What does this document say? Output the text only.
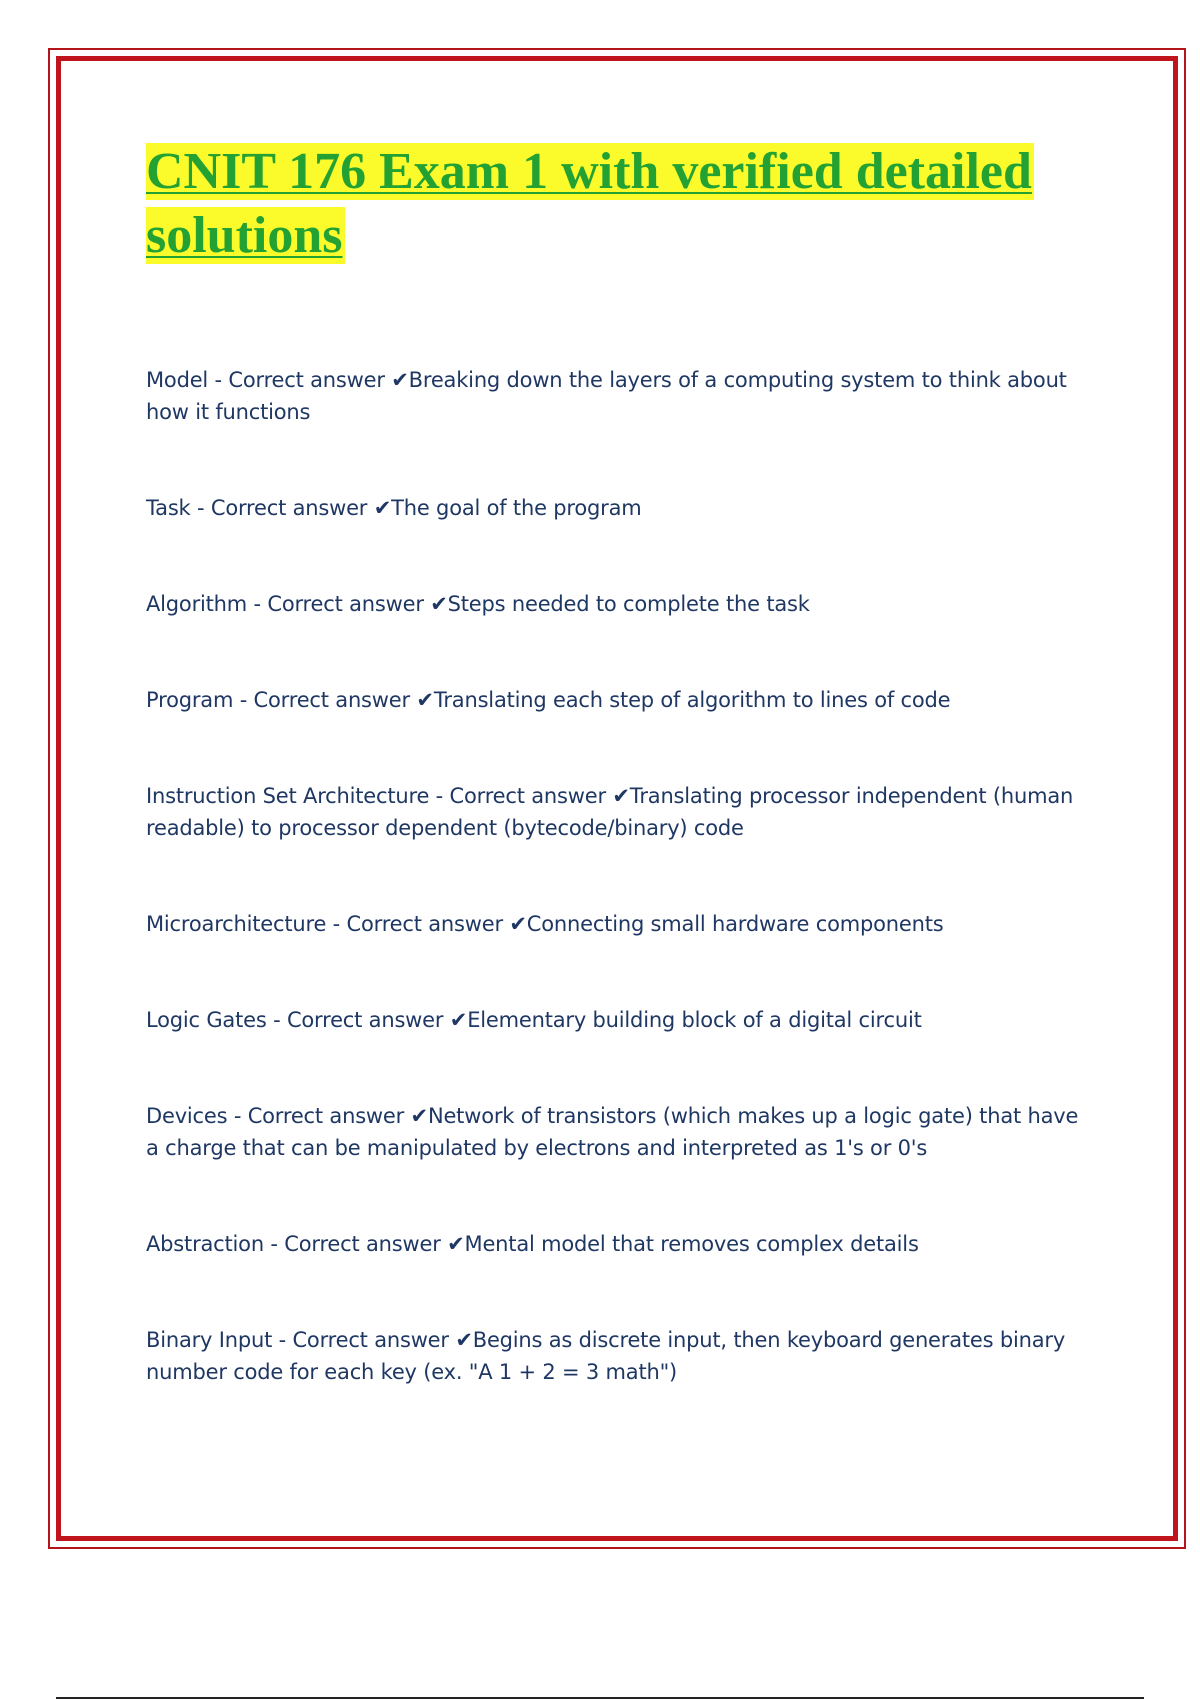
CNIT 176 Exam 1 with verified detailed solutions
Model - Correct answer ✔Breaking down the layers of a computing system to think about how it functions
Task - Correct answer ✔The goal of the program
Algorithm - Correct answer ✔Steps needed to complete the task
Program - Correct answer ✔Translating each step of algorithm to lines of code
Instruction Set Architecture - Correct answer ✔Translating processor independent (human readable) to processor dependent (bytecode/binary) code
Microarchitecture - Correct answer ✔Connecting small hardware components
Logic Gates - Correct answer ✔Elementary building block of a digital circuit
Devices - Correct answer ✔Network of transistors (which makes up a logic gate) that have a charge that can be manipulated by electrons and interpreted as 1's or 0's
Abstraction - Correct answer ✔Mental model that removes complex details
Binary Input - Correct answer ✔Begins as discrete input, then keyboard generates binary number code for each key (ex. "A 1 + 2 = 3 math")
